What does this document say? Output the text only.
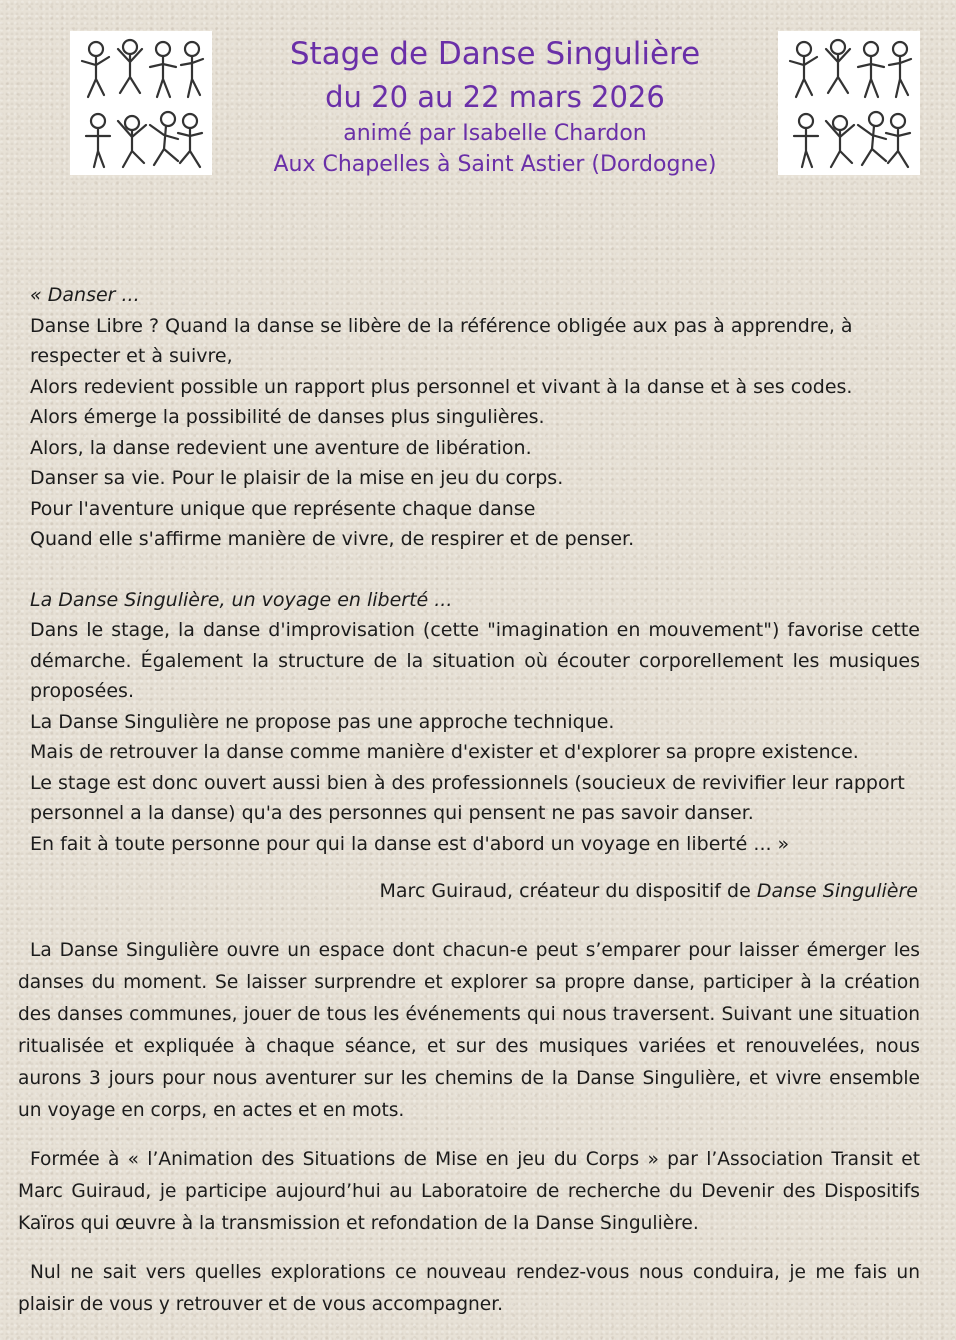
Stage de Danse Singulière
du 20 au 22 mars 2026
animé par Isabelle Chardon
Aux Chapelles à Saint Astier (Dordogne)

« Danser ...

Danse Libre ? Quand la danse se libère de la référence obligée aux pas à apprendre, à respecter et à suivre,

Alors redevient possible un rapport plus personnel et vivant à la danse et à ses codes.

Alors émerge la possibilité de danses plus singulières.

Alors, la danse redevient une aventure de libération.

Danser sa vie. Pour le plaisir de la mise en jeu du corps.

Pour l'aventure unique que représente chaque danse

Quand elle s'affirme manière de vivre, de respirer et de penser.

La Danse Singulière, un voyage en liberté ...

Dans le stage, la danse d'improvisation (cette "imagination en mouvement") favorise cette démarche. Également la structure de la situation où écouter corporellement les musiques proposées.

La Danse Singulière ne propose pas une approche technique.

Mais de retrouver la danse comme manière d'exister et d'explorer sa propre existence.

Le stage est donc ouvert aussi bien à des professionnels (soucieux de revivifier leur rapport personnel a la danse) qu'a des personnes qui pensent ne pas savoir danser.

En fait à toute personne pour qui la danse est d'abord un voyage en liberté ... »

Marc Guiraud, créateur du dispositif de Danse Singulière

La Danse Singulière ouvre un espace dont chacun-e peut s’emparer pour laisser émerger les danses du moment. Se laisser surprendre et explorer sa propre danse, participer à la création des danses communes, jouer de tous les événements qui nous traversent. Suivant une situation ritualisée et expliquée à chaque séance, et sur des musiques variées et renouvelées, nous aurons 3 jours pour nous aventurer sur les chemins de la Danse Singulière, et vivre ensemble un voyage en corps, en actes et en mots.

Formée à « l’Animation des Situations de Mise en jeu du Corps » par l’Association Transit et Marc Guiraud, je participe aujourd’hui au Laboratoire de recherche du Devenir des Dispositifs Kaïros qui œuvre à la transmission et refondation de la Danse Singulière.

Nul ne sait vers quelles explorations ce nouveau rendez-vous nous conduira, je me fais un plaisir de vous y retrouver et de vous accompagner.
